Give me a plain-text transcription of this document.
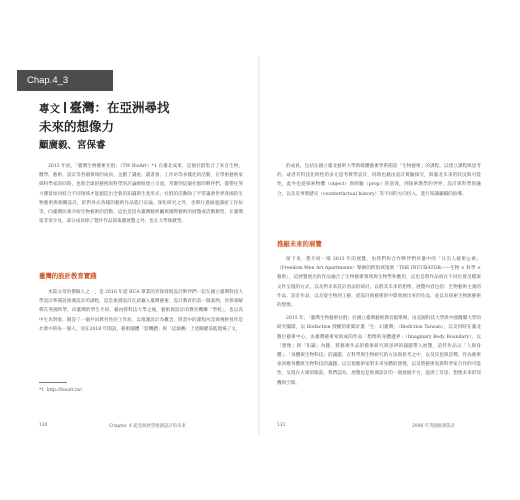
Chap.4_3
專文 臺灣：在亞洲尋找
未來的想像力
顧廣毅、宮保睿

2012 年底，「臺灣生物藝術社群」（TW BioArt）*1 在臺北成軍，這個社群集合了來自生物、醫學、藝術、設計等各個領域的成員，企劃了講座、讀書會、工作坊等多樣化的活動，在學術藝術家與科學家的同時，也與全球的藝術與科學的討論網絡建立交流，常聚到這個社群的夥伴們，都帶往努力圍着如何結合不同領域才能創造出全新的知識與生產形式，社群的活動除了平常議會世界各國的生物藝術與相關設計，針對各式各樣的藝術作品進行討論、深化研究之外，也舉行過通過講座工作坊等，向臺灣民眾介紹生物藝術的活動，這也是因為臺灣藝術屬與國際藝術的展覽或活動類型，在臺灣還非常少見，部分成員除了製作作品與策劃展覽之外，也在大學執教學。

臺灣的設計教育實踐

本篇文章的撰稿人之一，是 2016 年從 RCA 畢業的宮保睿與設計夥伴們一起在國立臺灣科技大學設計系開設推測設計的課程，這是推測設計在武藏入臺灣藝術、設計教育的第一個案例，宮保睿解釋在英國所學，向臺灣的學生介紹，藉由將科技大學之後，藝術與設計的教育機構「學校」，也以高中生為對象，開設了一個共同教育性的工作坊，以推測設計為概念，將當中的課程內容與視野看作是社會中的每一個人，而在2018 年開設，藝術團體「留機體」與「這球賽」上述關鍵前進現場了文，

*1 http://bioart.tw/
130	Chapter. 4 從亞洲展望推測設計的未來

的成員，包括在國立臺北藝術大學新媒體藝術學系開設「生物藝術」的課程，以建立課程與思考的，或者有科技化時性的多元思考教學設計，同時也藉由設計實驗探究，與臺北未來的狀況與可能性，此外也從探索物體（object）與經驗（prop）的意義，到探索教學的世界，設計與科學的融合，以及反事實歷史（counterfactual history）等不同的方向切入，進行知識範疇的指導。

推敲未來的展覽

接下來，想介紹一場 2013 年的展覽，由我們和合作夥伴們於臺中的「日出人藝術公寓」（Freedom Men Art Apartments）舉辦的跨領域策展「THE INCUBATOR——生物 × 科學 × 藝術」，這展覽展出的作品融合了生物藝術領域與生物學和應用，這也是將作品放在不同位置及檔案文件呈現的方式，以及對未來設計看法的研討，以將其未來的想像，展覽內容包括：生物藝術主義的作品、設計作品，以及從生物到工藝，從設計與藝術的中間發展出來的作品，並以及探索生物與藝術的想像。

2015 年，「臺灣生物藝術社群」於國立臺灣藝術教育館舉辦，由美國科技大學與中國醫藥大學的研究團隊，以 Biofaction 授權的新聞計畫「生．幻臺灣」（Biofiction Taiwan），以及同時在臺北數位藝術中心，由臺灣藝術家組成的作品「想像的身體邊界」（Imaginary Body Boundary），以「想像」與「知識」為題，將藝術作品的藝術研究與思辨的議題帶入展覽，這些作品以「人與身體」、「身體與生物科技」的議題，在科學與生物研究的方法與思考之中，以及反思與詮釋，作為藝術家回應身體與生物科技的議題，以呈現藝術家對未來身體的想像，以及將藝術家與科學家合作的可能性，呈現在大眾的眼前，我們認為，展覽也是推測設計的一個展演平台，提供了反思、想像未來的契機與空間。

131	2006 年英國推測設計
